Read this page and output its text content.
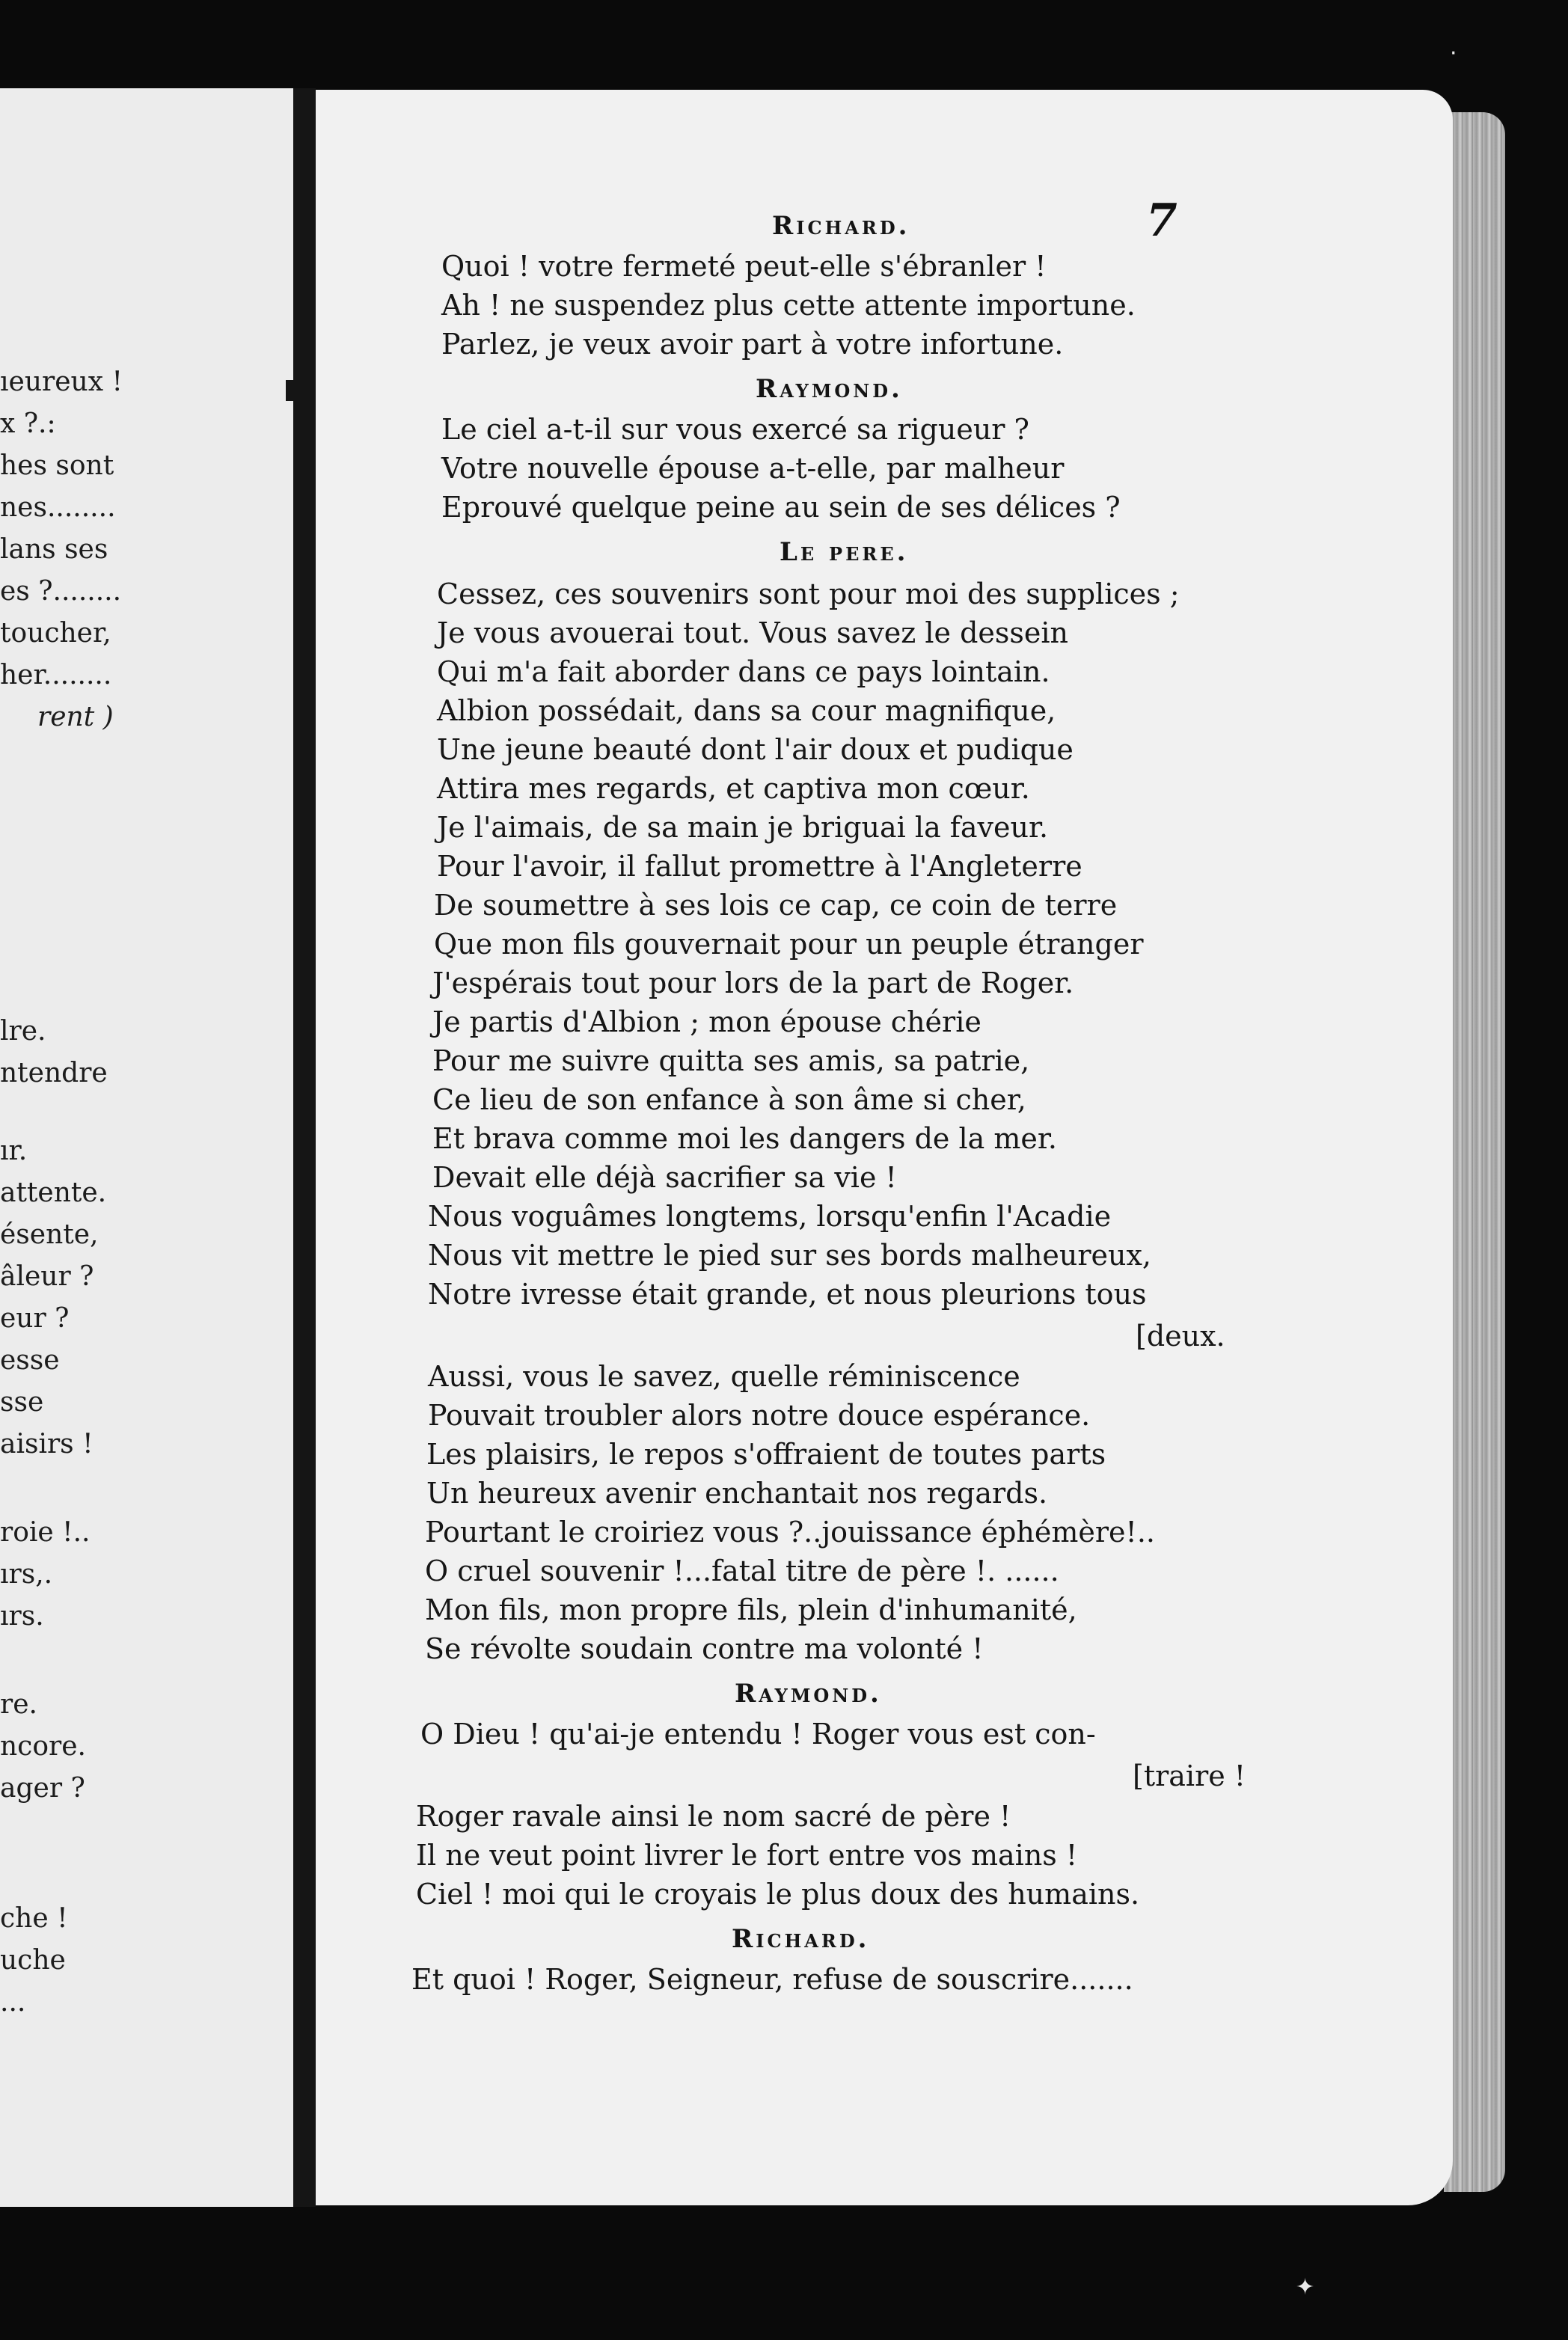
ıeureux !
x ?.:
hes sont
nes........
lans ses
es ?........
toucher,
her........
rent )
lre.
ntendre
ır.
attente.
ésente,
âleur ?
eur ?
esse
sse
aisirs !
roie !..
ırs,.
ırs.
re.
ncore.
ager ?
che !
uche
...
7
Richard.
Quoi ! votre fermeté peut-elle s'ébranler !
Ah ! ne suspendez plus cette attente importune.
Parlez, je veux avoir part à votre infortune.
Raymond.
Le ciel a-t-il sur vous exercé sa rigueur ?
Votre nouvelle épouse a-t-elle, par malheur
Eprouvé quelque peine au sein de ses délices ?
Le pere.
Cessez, ces souvenirs sont pour moi des supplices ;
Je vous avouerai tout. Vous savez le dessein
Qui m'a fait aborder dans ce pays lointain.
Albion possédait, dans sa cour magnifique,
Une jeune beauté dont l'air doux et pudique
Attira mes regards, et captiva mon cœur.
Je l'aimais, de sa main je briguai la faveur.
Pour l'avoir, il fallut promettre à l'Angleterre
De soumettre à ses lois ce cap, ce coin de terre
Que mon fils gouvernait pour un peuple étranger
J'espérais tout pour lors de la part de Roger.
Je partis d'Albion ; mon épouse chérie
Pour me suivre quitta ses amis, sa patrie,
Ce lieu de son enfance à son âme si cher,
Et brava comme moi les dangers de la mer.
Devait elle déjà sacrifier sa vie !
Nous voguâmes longtems, lorsqu'enfin l'Acadie
Nous vit mettre le pied sur ses bords malheureux,
Notre ivresse était grande, et nous pleurions tous
[deux.
Aussi, vous le savez, quelle réminiscence
Pouvait troubler alors notre douce espérance.
Les plaisirs, le repos s'offraient de toutes parts
Un heureux avenir enchantait nos regards.
Pourtant le croiriez vous ?..jouissance éphémère!..
O cruel souvenir !...fatal titre de père !. ......
Mon fils, mon propre fils, plein d'inhumanité,
Se révolte soudain contre ma volonté !
Raymond.
O Dieu ! qu'ai-je entendu ! Roger vous est con-
[traire !
Roger ravale ainsi le nom sacré de père !
Il ne veut point livrer le fort entre vos mains !
Ciel ! moi qui le croyais le plus doux des humains.
Richard.
Et quoi ! Roger, Seigneur, refuse de souscrire.......
·
✦
